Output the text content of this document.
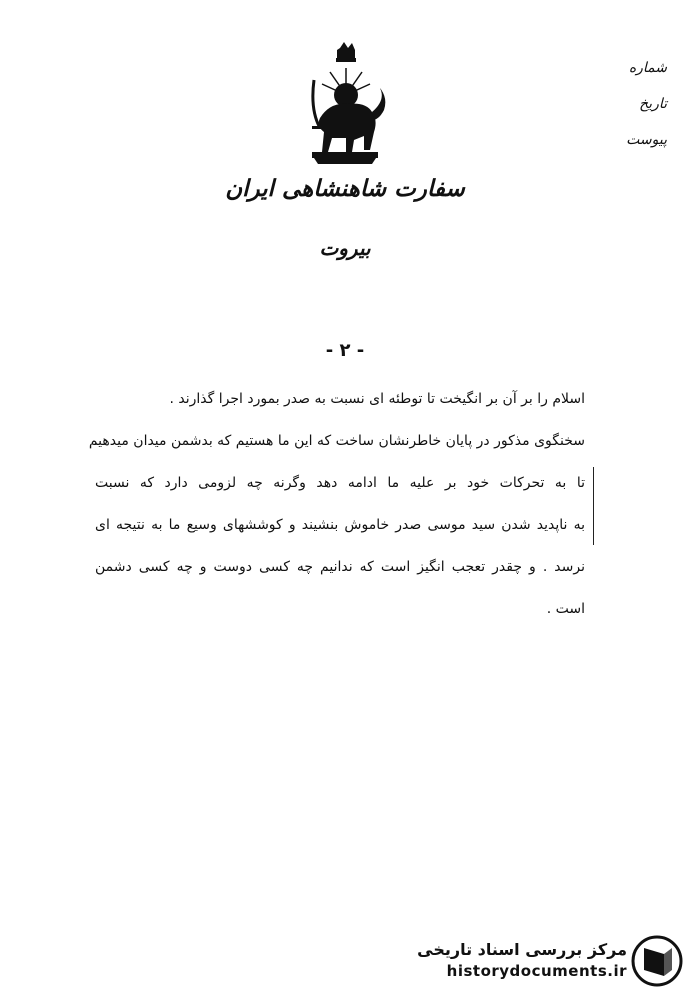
شماره
تاریخ
پیوست
سفارت شاهنشاهی ایران
بیروت
- ۲ -
اسلام را بر آن بر انگیخت تا توطئه ای نسبت به صدر بمورد اجرا گذارند .
سخنگوی مذکور در پایان خاطرنشان ساخت که این ما هستیم که بدشمن میدان میدهیم
تا به تحرکات خود بر علیه ما ادامه دهد وگرنه چه لزومی دارد که نسبت
به ناپدید شدن سید موسی صدر خاموش بنشیند و کوششهای وسیع ما به نتیجه ای
نرسد . و چقدر تعجب انگیز است که ندانیم چه کسی دوست و چه کسی دشمن
است .
مرکز بررسی اسناد تاریخی
historydocuments.ir
